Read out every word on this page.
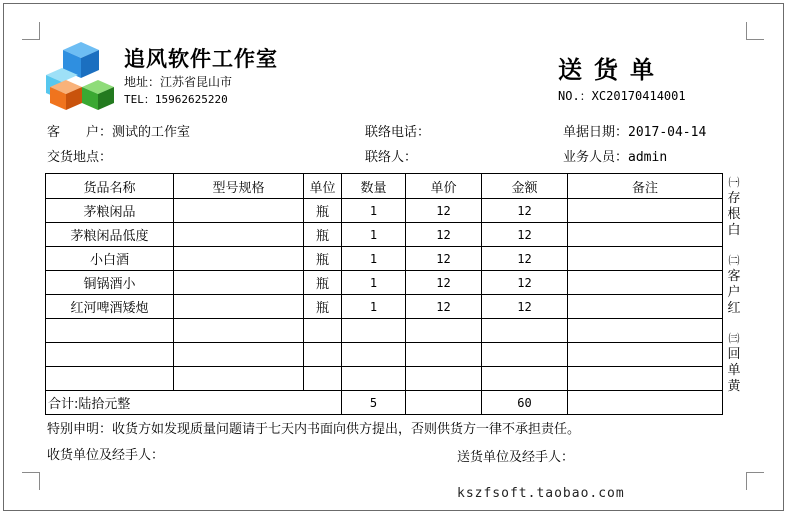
追风软件工作室
地址：江苏省昆山市
TEL：15962625220
送货单
NO.：XC20170414001
客　　户：测试的工作室	联络电话：	单据日期：2017-04-14
交货地点：	联络人：	业务人员：admin
货品名称	型号规格	单位	数量	单价	金额	备注
茅粮闲品		瓶	1	12	12	
茅粮闲品低度		瓶	1	12	12	
小白酒		瓶	1	12	12	
铜锅酒小		瓶	1	12	12	
红河啤酒矮炮		瓶	1	12	12	

合计:陆拾元整			5		60	
㈠
存
根
白
㈡
客
户
红
㈢
回
单
黄
特别申明：收货方如发现质量问题请于七天内书面向供方提出，否则供货方一律不承担责任。
收货单位及经手人：	送货单位及经手人：
kszfsoft.taobao.com
